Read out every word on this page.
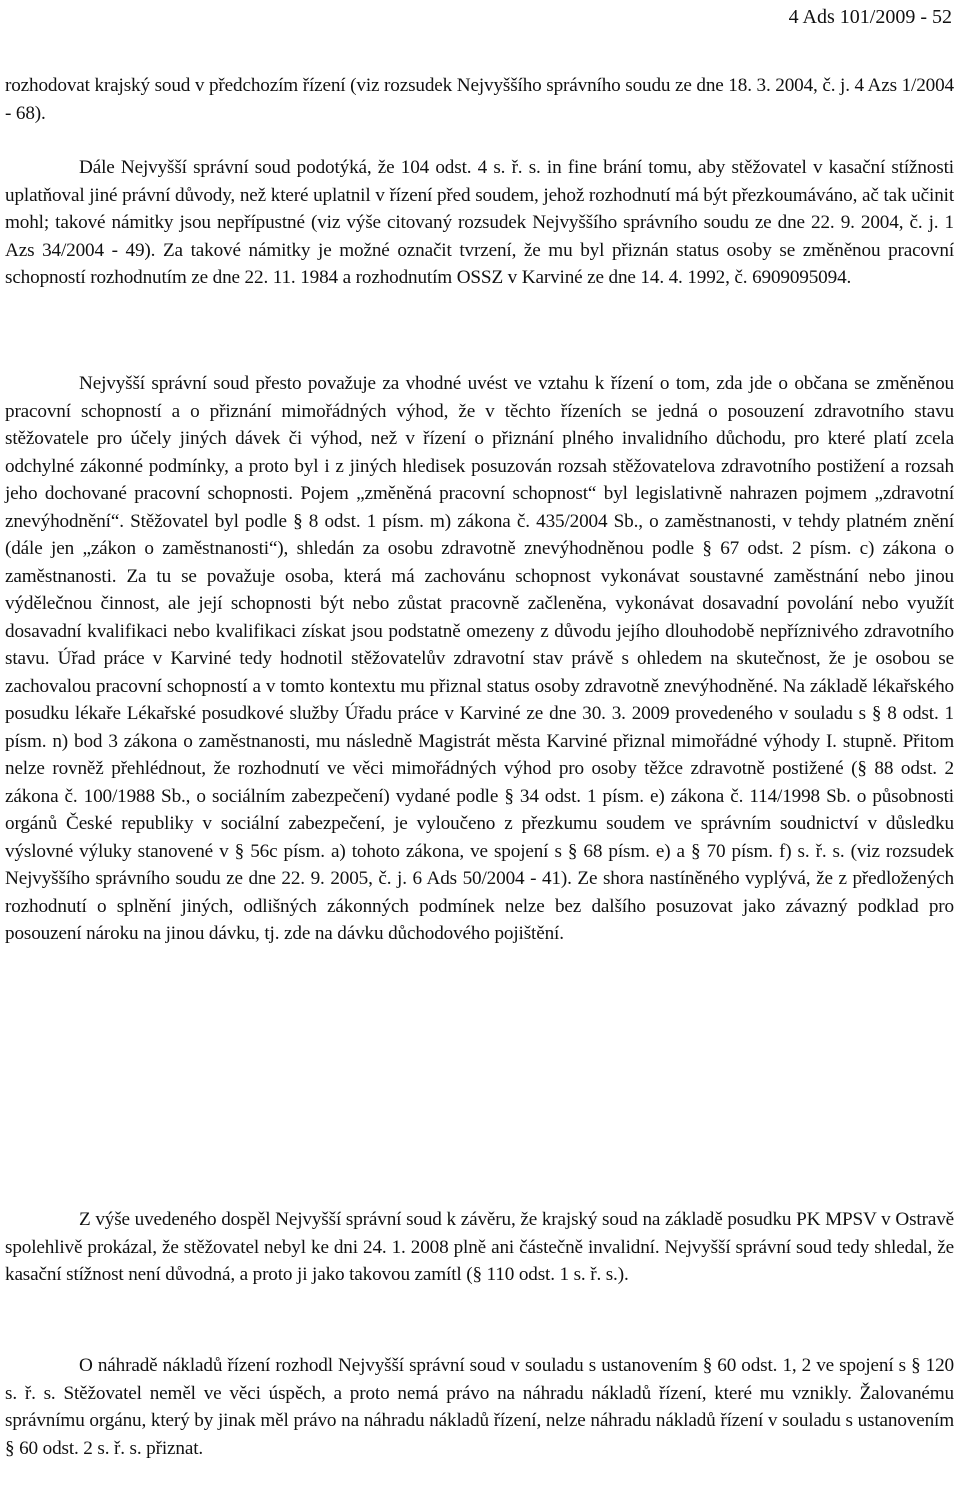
4 Ads 101/2009 - 52

rozhodovat krajský soud v předchozím řízení (viz rozsudek Nejvyššího správního soudu ze dne 18. 3. 2004, č. j. 4 Azs 1/2004 - 68).

Dále Nejvyšší správní soud podotýká, že 104 odst. 4 s. ř. s. in fine brání tomu, aby stěžovatel v kasační stížnosti uplatňoval jiné právní důvody, než které uplatnil v řízení před soudem, jehož rozhodnutí má být přezkoumáváno, ač tak učinit mohl; takové námitky jsou nepřípustné (viz výše citovaný rozsudek Nejvyššího správního soudu ze dne 22. 9. 2004, č. j. 1 Azs 34/2004 - 49). Za takové námitky je možné označit tvrzení, že mu byl přiznán status osoby se změněnou pracovní schopností rozhodnutím ze dne 22. 11. 1984 a rozhodnutím OSSZ v Karviné ze dne 14. 4. 1992, č. 6909095094.

Nejvyšší správní soud přesto považuje za vhodné uvést ve vztahu k řízení o tom, zda jde o občana se změněnou pracovní schopností a o přiznání mimořádných výhod, že v těchto řízeních se jedná o posouzení zdravotního stavu stěžovatele pro účely jiných dávek či výhod, než v řízení o přiznání plného invalidního důchodu, pro které platí zcela odchylné zákonné podmínky, a proto byl i z jiných hledisek posuzován rozsah stěžovatelova zdravotního postižení a rozsah jeho dochované pracovní schopnosti. Pojem „změněná pracovní schopnost“ byl legislativně nahrazen pojmem „zdravotní znevýhodnění“. Stěžovatel byl podle § 8 odst. 1 písm. m) zákona č. 435/2004 Sb., o zaměstnanosti, v tehdy platném znění (dále jen „zákon o zaměstnanosti“), shledán za osobu zdravotně znevýhodněnou podle § 67 odst. 2 písm. c) zákona o zaměstnanosti. Za tu se považuje osoba, která má zachovánu schopnost vykonávat soustavné zaměstnání nebo jinou výdělečnou činnost, ale její schopnosti být nebo zůstat pracovně začleněna, vykonávat dosavadní povolání nebo využít dosavadní kvalifikaci nebo kvalifikaci získat jsou podstatně omezeny z důvodu jejího dlouhodobě nepříznivého zdravotního stavu. Úřad práce v Karviné tedy hodnotil stěžovatelův zdravotní stav právě s ohledem na skutečnost, že je osobou se zachovalou pracovní schopností a v tomto kontextu mu přiznal status osoby zdravotně znevýhodněné. Na základě lékařského posudku lékaře Lékařské posudkové služby Úřadu práce v Karviné ze dne 30. 3. 2009 provedeného v souladu s § 8 odst. 1 písm. n) bod 3 zákona o zaměstnanosti, mu následně Magistrát města Karviné přiznal mimořádné výhody I. stupně. Přitom nelze rovněž přehlédnout, že rozhodnutí ve věci mimořádných výhod pro osoby těžce zdravotně postižené (§ 88 odst. 2 zákona č. 100/1988 Sb., o sociálním zabezpečení) vydané podle § 34 odst. 1 písm. e) zákona č. 114/1998 Sb. o působnosti orgánů České republiky v sociální zabezpečení, je vyloučeno z přezkumu soudem ve správním soudnictví v důsledku výslovné výluky stanovené v § 56c písm. a) tohoto zákona, ve spojení s § 68 písm. e) a § 70 písm. f) s. ř. s. (viz rozsudek Nejvyššího správního soudu ze dne 22. 9. 2005, č. j. 6 Ads 50/2004 - 41). Ze shora nastíněného vyplývá, že z předložených rozhodnutí o splnění jiných, odlišných zákonných podmínek nelze bez dalšího posuzovat jako závazný podklad pro posouzení nároku na jinou dávku, tj. zde na dávku důchodového pojištění.

Z výše uvedeného dospěl Nejvyšší správní soud k závěru, že krajský soud na základě posudku PK MPSV v Ostravě spolehlivě prokázal, že stěžovatel nebyl ke dni 24. 1. 2008 plně ani částečně invalidní. Nejvyšší správní soud tedy shledal, že kasační stížnost není důvodná, a proto ji jako takovou zamítl (§ 110 odst. 1 s. ř. s.).

O náhradě nákladů řízení rozhodl Nejvyšší správní soud v souladu s ustanovením § 60 odst. 1, 2 ve spojení s § 120 s. ř. s. Stěžovatel neměl ve věci úspěch, a proto nemá právo na náhradu nákladů řízení, které mu vznikly. Žalovanému správnímu orgánu, který by jinak měl právo na náhradu nákladů řízení, nelze náhradu nákladů řízení v souladu s ustanovením § 60 odst. 2 s. ř. s. přiznat.
